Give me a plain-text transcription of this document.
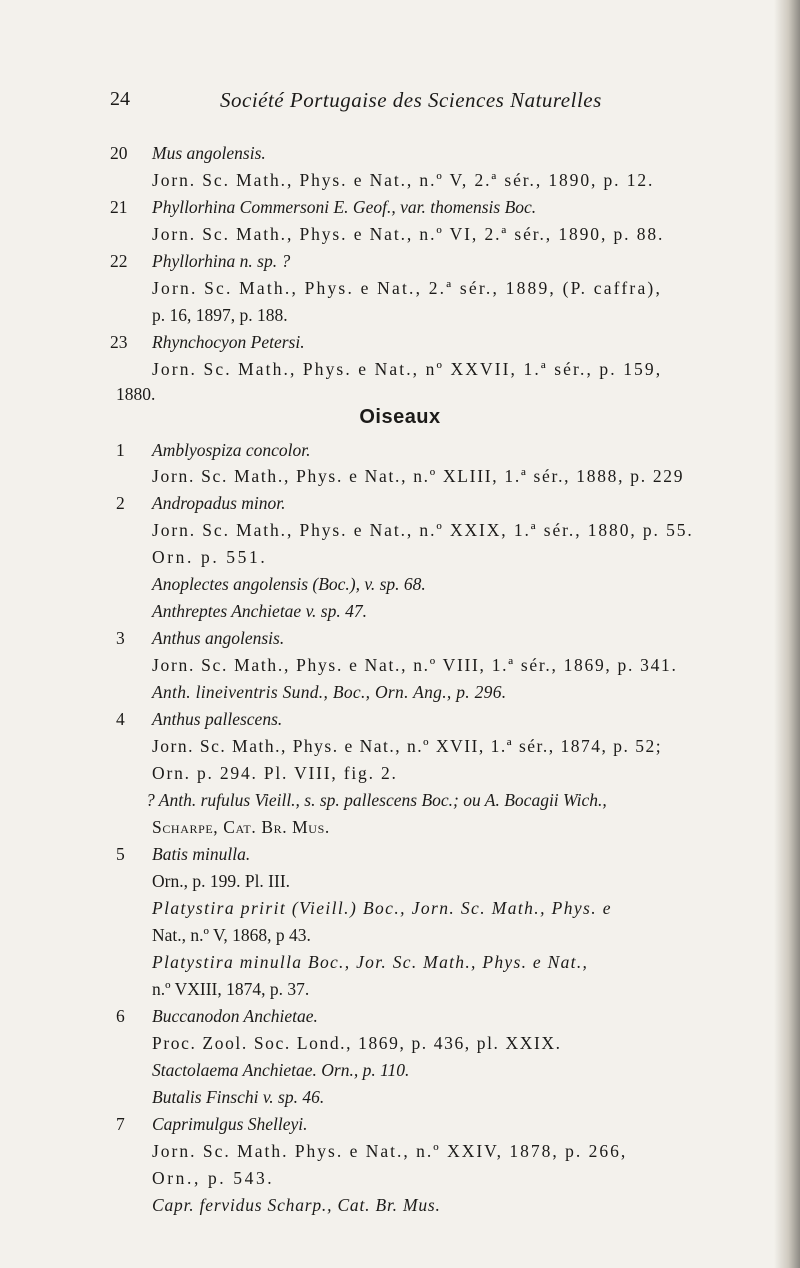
24	Société Portugaise des Sciences Naturelles
20 Mus angolensis.
Jorn. Sc. Math., Phys. e Nat., n.º V, 2.ª sér., 1890, p. 12.
21 Phyllorhina Commersoni E. Geof., var. thomensis Boc.
Jorn. Sc. Math., Phys. e Nat., n.º VI, 2.ª sér., 1890, p. 88.
22 Phyllorhina n. sp. ?
Jorn. Sc. Math., Phys. e Nat., 2.ª sér., 1889, (P. caffra),
p. 16, 1897, p. 188.
23 Rhynchocyon Petersi.
Jorn. Sc. Math., Phys. e Nat., nº XXVII, 1.ª sér., p. 159,
1880.
Oiseaux
1 Amblyospiza concolor.
Jorn. Sc. Math., Phys. e Nat., n.º XLIII, 1.ª sér., 1888, p. 229
2 Andropadus minor.
Jorn. Sc. Math., Phys. e Nat., n.º XXIX, 1.ª sér., 1880, p. 55.
Orn. p. 551.
Anoplectes angolensis (Boc.), v. sp. 68.
Anthreptes Anchietae v. sp. 47.
3 Anthus angolensis.
Jorn. Sc. Math., Phys. e Nat., n.º VIII, 1.ª sér., 1869, p. 341.
Anth. lineiventris Sund., Boc., Orn. Ang., p. 296.
4 Anthus pallescens.
Jorn. Sc. Math., Phys. e Nat., n.º XVII, 1.ª sér., 1874, p. 52;
Orn. p. 294. Pl. VIII, fig. 2.
? Anth. rufulus Vieill., s. sp. pallescens Boc.; ou A. Bocagii Wich.,
Scharpe, Cat. Br. Mus.
5 Batis minulla.
Orn., p. 199. Pl. III.
Platystira pririt (Vieill.) Boc., Jorn. Sc. Math., Phys. e
Nat., n.º V, 1868, p 43.
Platystira minulla Boc., Jor. Sc. Math., Phys. e Nat.,
n.º VXIII, 1874, p. 37.
6 Buccanodon Anchietae.
Proc. Zool. Soc. Lond., 1869, p. 436, pl. XXIX.
Stactolaema Anchietae. Orn., p. 110.
Butalis Finschi v. sp. 46.
7 Caprimulgus Shelleyi.
Jorn. Sc. Math. Phys. e Nat., n.º XXIV, 1878, p. 266,
Orn., p. 543.
Capr. fervidus Scharp., Cat. Br. Mus.
